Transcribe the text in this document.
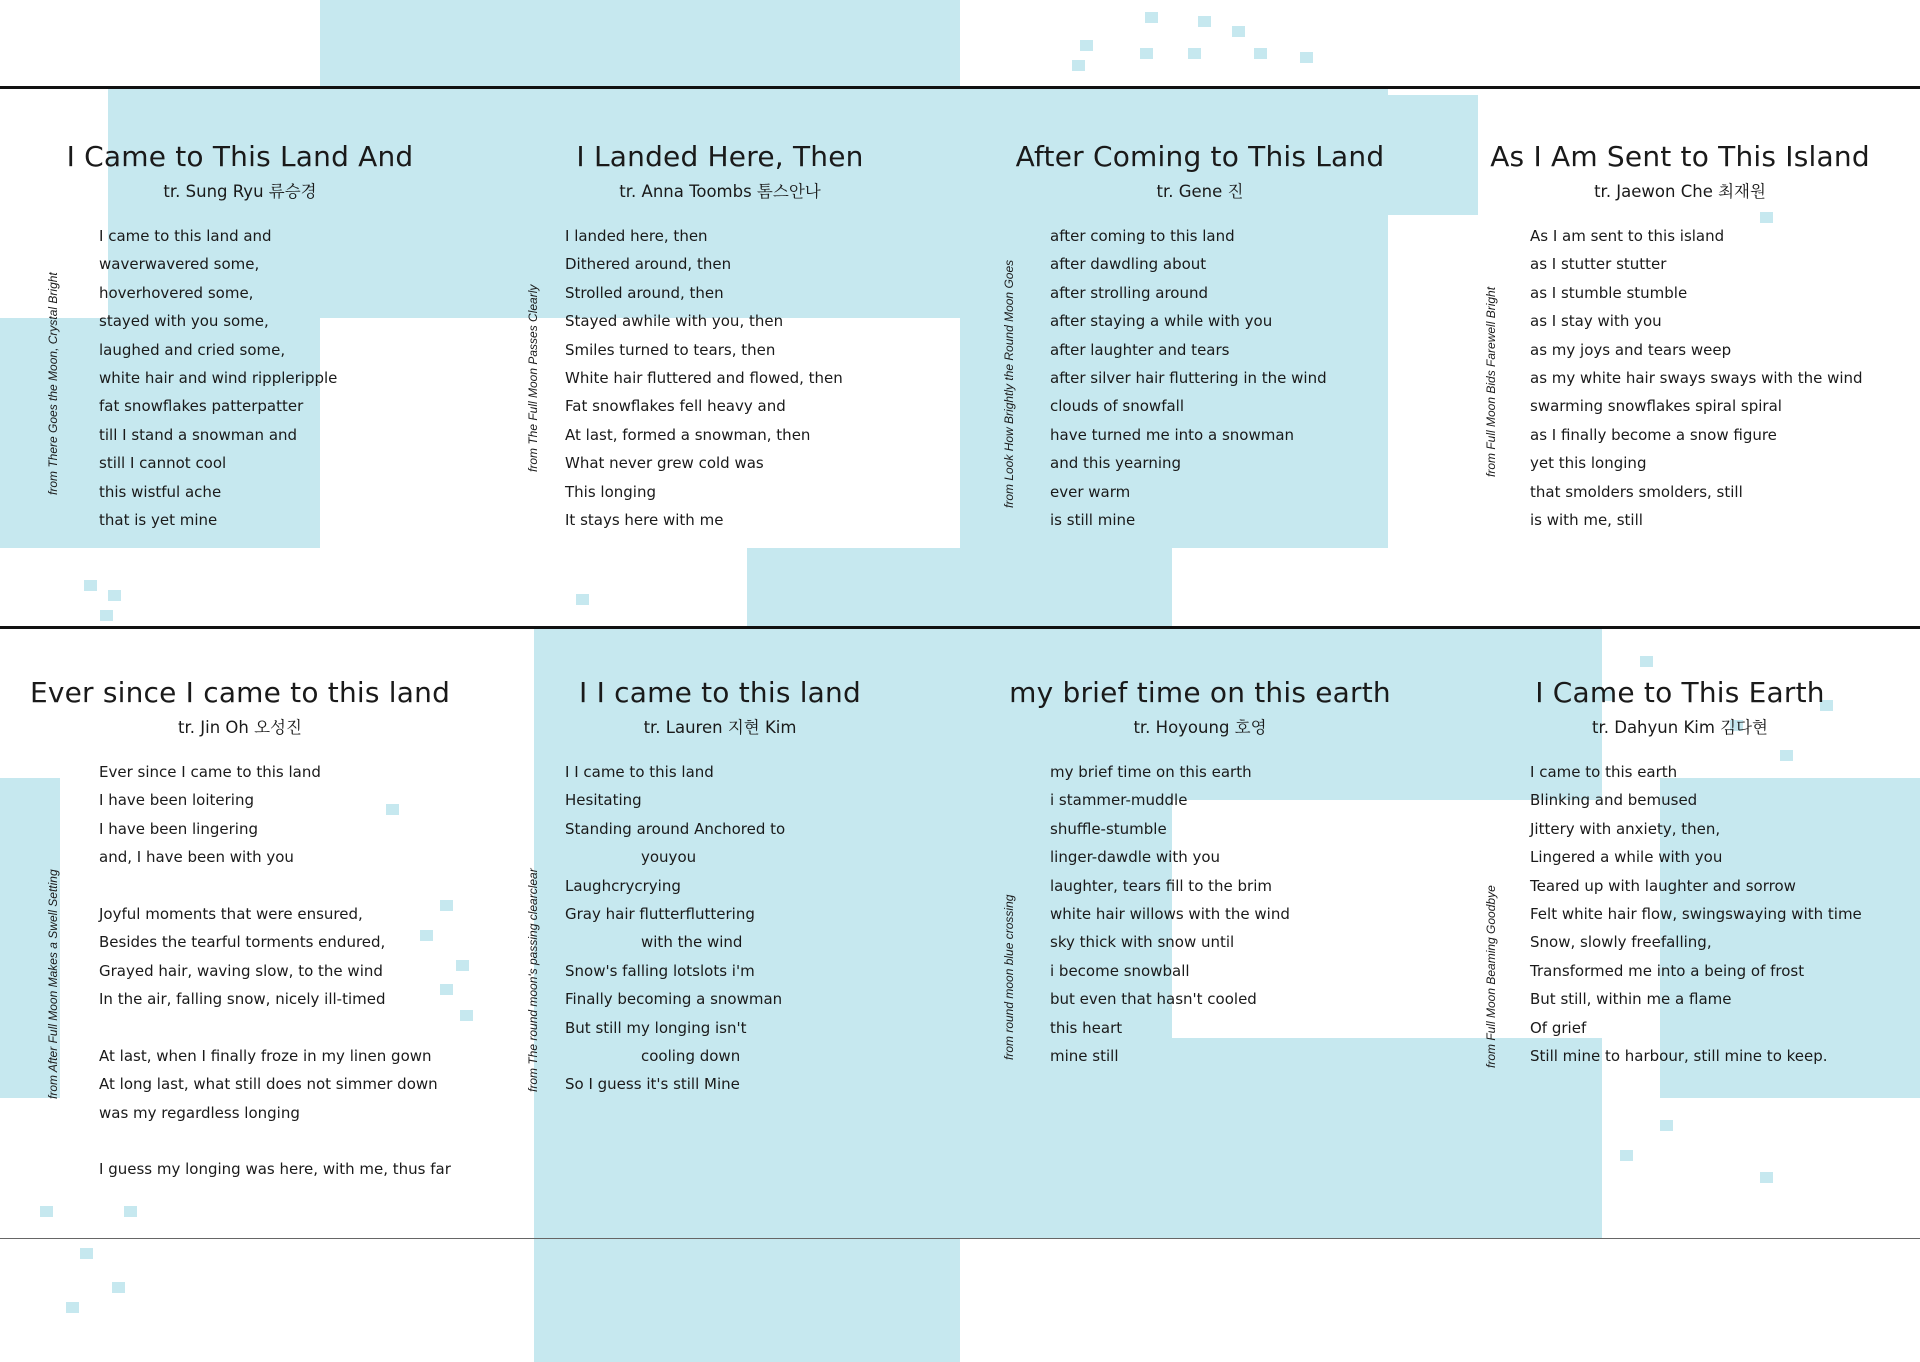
I Came to This Land And

tr. Sung Ryu 류승경

from There Goes the Moon, Crystal Bright
I came to this land and
waverwavered some,
hoverhovered some,
stayed with you some,
laughed and cried some,
white hair and wind rippleripple
fat snowflakes patterpatter
till I stand a snowman and
still I cannot cool
this wistful ache
that is yet mine
I Landed Here, Then

tr. Anna Toombs 톰스안나

from The Full Moon Passes Clearly
I landed here, then
Dithered around, then
Strolled around, then
Stayed awhile with you, then
Smiles turned to tears, then
White hair fluttered and flowed, then
Fat snowflakes fell heavy and
At last, formed a snowman, then
What never grew cold was
This longing
It stays here with me
After Coming to This Land

tr. Gene 진

from Look How Brightly the Round Moon Goes
after coming to this land
after dawdling about
after strolling around
after staying a while with you
after laughter and tears
after silver hair fluttering in the wind
clouds of snowfall
have turned me into a snowman
and this yearning
ever warm
is still mine
As I Am Sent to This Island

tr. Jaewon Che 최재원

from Full Moon Bids Farewell Bright
As I am sent to this island
as I stutter stutter
as I stumble stumble
as I stay with you
as my joys and tears weep
as my white hair sways sways with the wind
swarming snowflakes spiral spiral
as I finally become a snow figure
yet this longing
that smolders smolders, still
is with me, still
Ever since I came to this land

tr. Jin Oh 오성진

from After Full Moon Makes a Swell Setting
Ever since I came to this land
I have been loitering
I have been lingering
and, I have been with you
Joyful moments that were ensured,
Besides the tearful torments endured,
Grayed hair, waving slow, to the wind
In the air, falling snow, nicely ill-timed
At last, when I finally froze in my linen gown
At long last, what still does not simmer down
was my regardless longing
I guess my longing was here, with me, thus far
I I came to this land

tr. Lauren 지현 Kim

from The round moon's passing clearclear
I I came to this land
Hesitating
Standing around Anchored to
youyou
Laughcrycrying
Gray hair flutterfluttering
with the wind
Snow's falling lotslots i'm
Finally becoming a snowman
But still my longing isn't
cooling down
So I guess it's still Mine
my brief time on this earth

tr. Hoyoung 호영

from round moon blue crossing
my brief time on this earth
i stammer-muddle
shuffle-stumble
linger-dawdle with you
laughter, tears fill to the brim
white hair willows with the wind
sky thick with snow until
i become snowball
but even that hasn't cooled
this heart
mine still
I Came to This Earth

tr. Dahyun Kim 김다현

from Full Moon Beaming Goodbye
I came to this earth
Blinking and bemused
Jittery with anxiety, then,
Lingered a while with you
Teared up with laughter and sorrow
Felt white hair flow, swingswaying with time
Snow, slowly freefalling,
Transformed me into a being of frost
But still, within me a flame
Of grief
Still mine to harbour, still mine to keep.
